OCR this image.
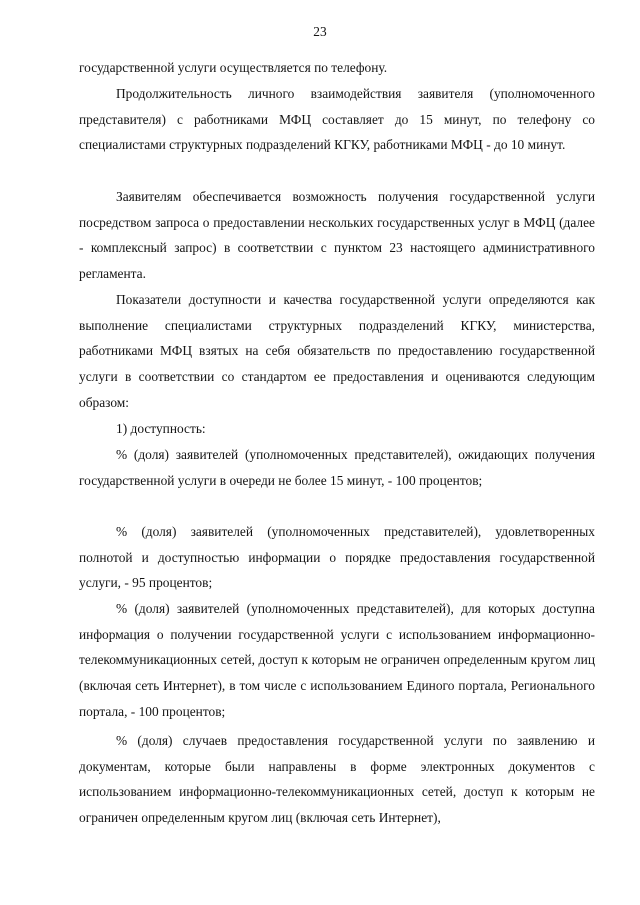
23

государственной услуги осуществляется по телефону.

Продолжительность личного взаимодействия заявителя (уполномоченного представителя) с работниками МФЦ составляет до 15 минут, по телефону со специалистами структурных подразделений КГКУ, работниками МФЦ - до 10 минут.

Заявителям обеспечивается возможность получения государственной услуги посредством запроса о предоставлении нескольких государственных услуг в МФЦ (далее - комплексный запрос) в соответствии с пунктом 23 настоящего административного регламента.

Показатели доступности и качества государственной услуги определяются как выполнение специалистами структурных подразделений КГКУ, министерства, работниками МФЦ взятых на себя обязательств по предоставлению государственной услуги в соответствии со стандартом ее предоставления и оцениваются следующим образом:

1) доступность:

% (доля) заявителей (уполномоченных представителей), ожидающих получения государственной услуги в очереди не более 15 минут, - 100 процентов;

% (доля) заявителей (уполномоченных представителей), удовлетворенных полнотой и доступностью информации о порядке предоставления государственной услуги, - 95 процентов;

% (доля) заявителей (уполномоченных представителей), для которых доступна информация о получении государственной услуги с использованием информационно-телекоммуникационных сетей, доступ к которым не ограничен определенным кругом лиц (включая сеть Интернет), в том числе с использованием Единого портала, Регионального портала, - 100 процентов;

% (доля) случаев предоставления государственной услуги по заявлению и документам, которые были направлены в форме электронных документов с использованием информационно-телекоммуникационных сетей, доступ к которым не ограничен определенным кругом лиц (включая сеть Интернет),
